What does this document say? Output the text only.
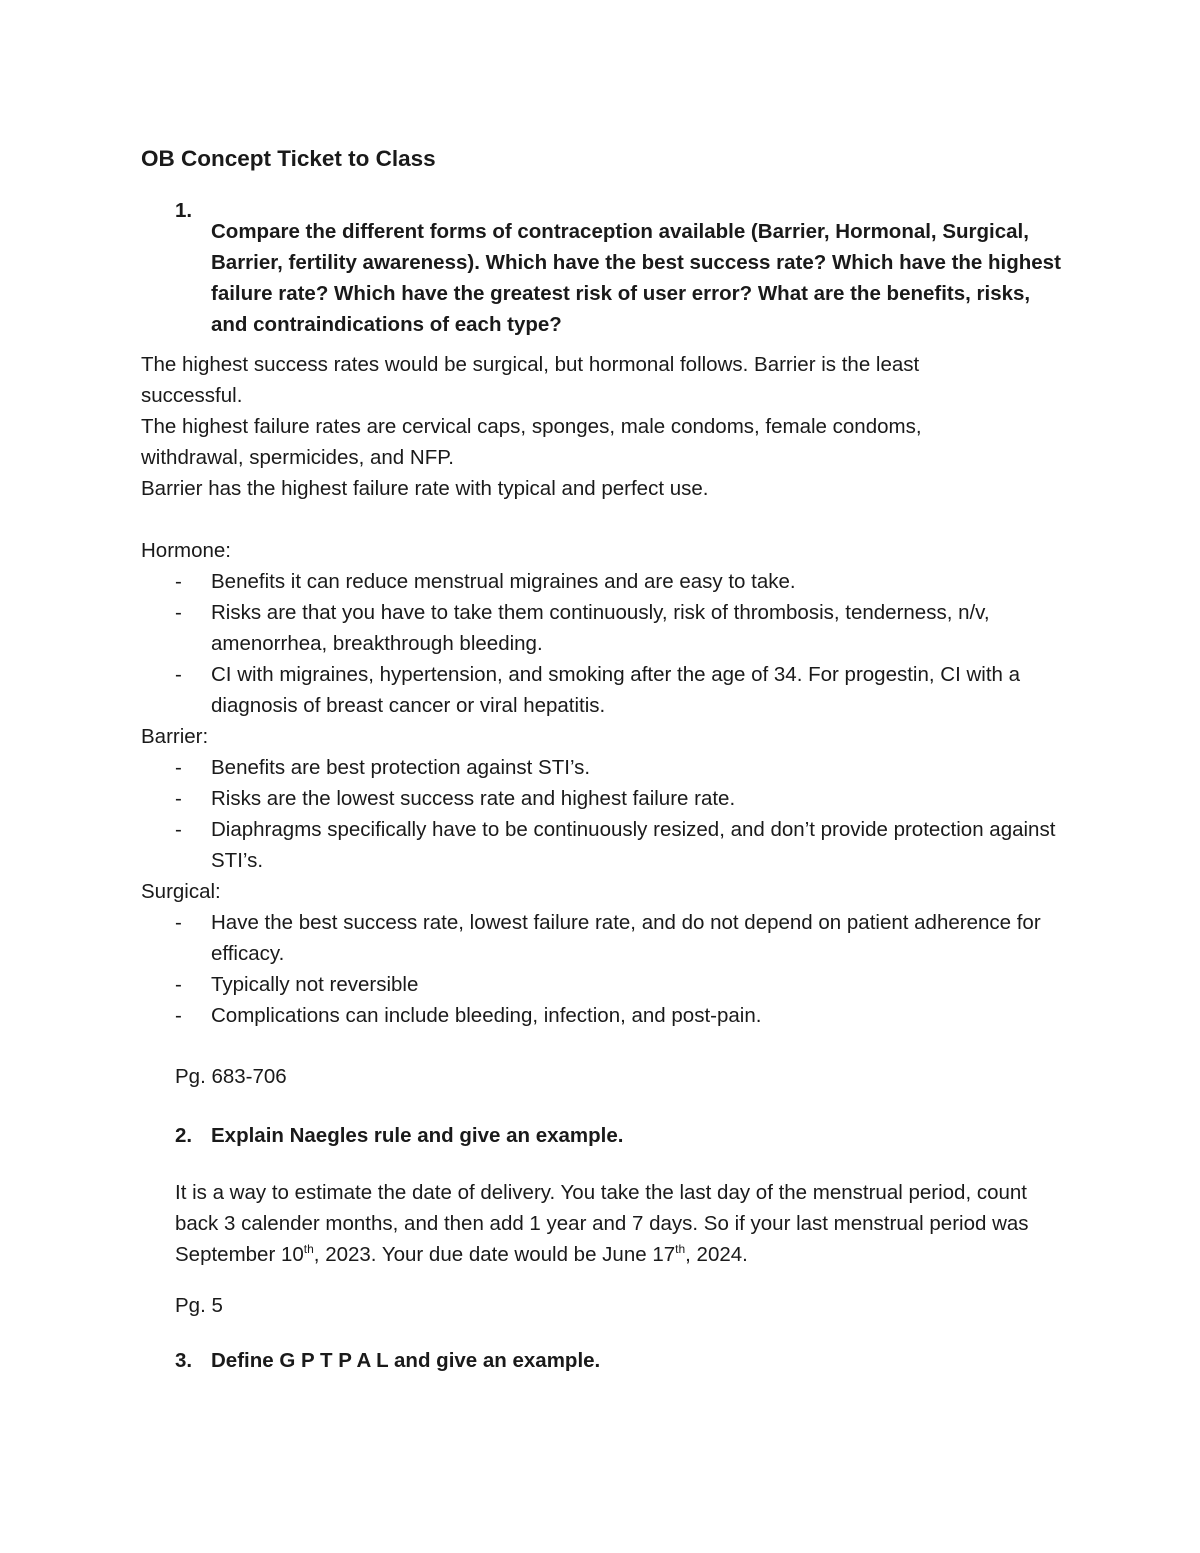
OB Concept Ticket to Class
1.

Compare the different forms of contraception available (Barrier, Hormonal, Surgical, Barrier, fertility awareness). Which have the best success rate? Which have the highest failure rate? Which have the greatest risk of user error? What are the benefits, risks, and contraindications of each type?

The highest success rates would be surgical, but hormonal follows. Barrier is the least successful.

The highest failure rates are cervical caps, sponges, male condoms, female condoms, withdrawal, spermicides, and NFP.

Barrier has the highest failure rate with typical and perfect use.

Hormone:

- Benefits it can reduce menstrual migraines and are easy to take.

- Risks are that you have to take them continuously, risk of thrombosis, tenderness, n/v, amenorrhea, breakthrough bleeding.

- CI with migraines, hypertension, and smoking after the age of 34. For progestin, CI with a diagnosis of breast cancer or viral hepatitis.

Barrier:

- Benefits are best protection against STI’s.

- Risks are the lowest success rate and highest failure rate.

- Diaphragms specifically have to be continuously resized, and don’t provide protection against STI’s.

Surgical:

- Have the best success rate, lowest failure rate, and do not depend on patient adherence for efficacy.

- Typically not reversible

- Complications can include bleeding, infection, and post-pain.

Pg. 683-706

2. Explain Naegles rule and give an example.

It is a way to estimate the date of delivery. You take the last day of the menstrual period, count back 3 calender months, and then add 1 year and 7 days. So if your last menstrual period was September 10th, 2023. Your due date would be June 17th, 2024.

Pg. 5

3. Define G P T P A L and give an example.
